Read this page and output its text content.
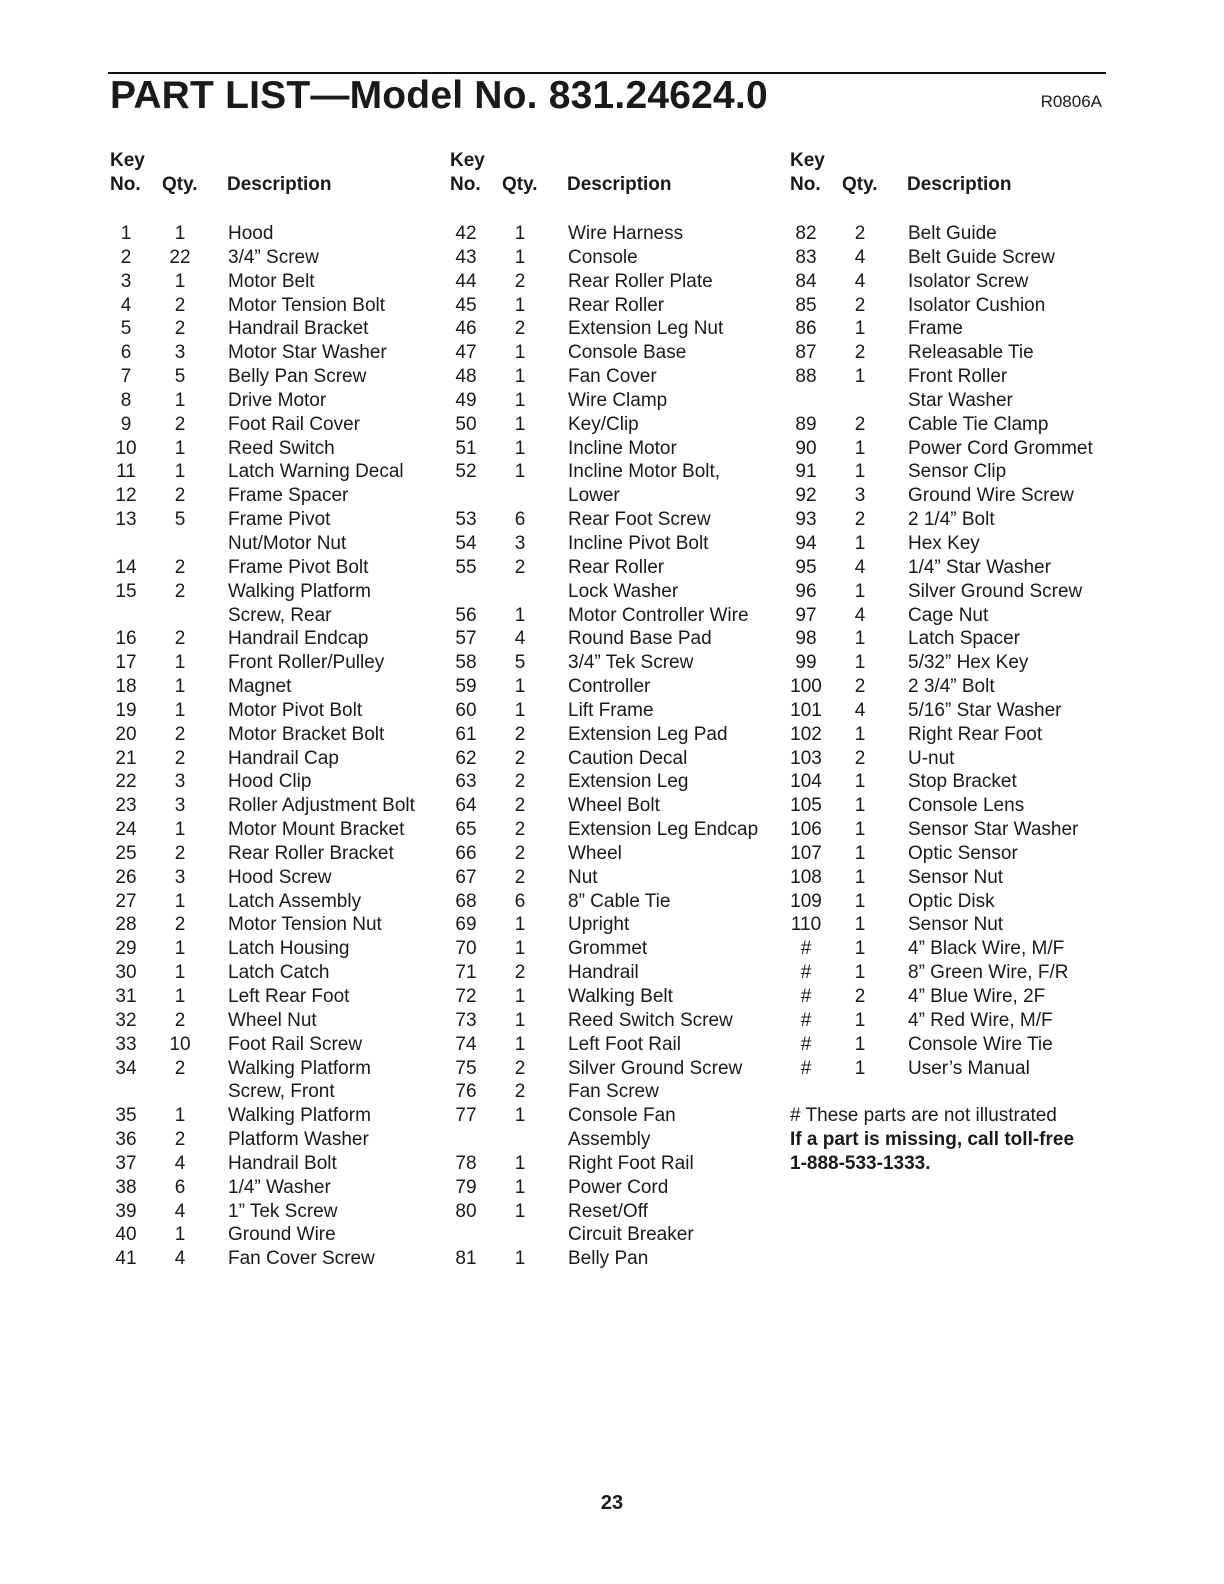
PART LIST—Model No. 831.24624.0	R0806A
Key
No. Qty. Description
1	1	Hood
2	22	3/4” Screw
3	1	Motor Belt
4	2	Motor Tension Bolt
5	2	Handrail Bracket
6	3	Motor Star Washer
7	5	Belly Pan Screw
8	1	Drive Motor
9	2	Foot Rail Cover
10	1	Reed Switch
11	1	Latch Warning Decal
12	2	Frame Spacer
13	5	Frame Pivot
Nut/Motor Nut
14	2	Frame Pivot Bolt
15	2	Walking Platform
Screw, Rear
16	2	Handrail Endcap
17	1	Front Roller/Pulley
18	1	Magnet
19	1	Motor Pivot Bolt
20	2	Motor Bracket Bolt
21	2	Handrail Cap
22	3	Hood Clip
23	3	Roller Adjustment Bolt
24	1	Motor Mount Bracket
25	2	Rear Roller Bracket
26	3	Hood Screw
27	1	Latch Assembly
28	2	Motor Tension Nut
29	1	Latch Housing
30	1	Latch Catch
31	1	Left Rear Foot
32	2	Wheel Nut
33	10	Foot Rail Screw
34	2	Walking Platform
Screw, Front
35	1	Walking Platform
36	2	Platform Washer
37	4	Handrail Bolt
38	6	1/4” Washer
39	4	1” Tek Screw
40	1	Ground Wire
41	4	Fan Cover Screw
Key
No. Qty. Description
42	1	Wire Harness
43	1	Console
44	2	Rear Roller Plate
45	1	Rear Roller
46	2	Extension Leg Nut
47	1	Console Base
48	1	Fan Cover
49	1	Wire Clamp
50	1	Key/Clip
51	1	Incline Motor
52	1	Incline Motor Bolt,
Lower
53	6	Rear Foot Screw
54	3	Incline Pivot Bolt
55	2	Rear Roller
Lock Washer
56	1	Motor Controller Wire
57	4	Round Base Pad
58	5	3/4” Tek Screw
59	1	Controller
60	1	Lift Frame
61	2	Extension Leg Pad
62	2	Caution Decal
63	2	Extension Leg
64	2	Wheel Bolt
65	2	Extension Leg Endcap
66	2	Wheel
67	2	Nut
68	6	8” Cable Tie
69	1	Upright
70	1	Grommet
71	2	Handrail
72	1	Walking Belt
73	1	Reed Switch Screw
74	1	Left Foot Rail
75	2	Silver Ground Screw
76	2	Fan Screw
77	1	Console Fan
Assembly
78	1	Right Foot Rail
79	1	Power Cord
80	1	Reset/Off
Circuit Breaker
81	1	Belly Pan
Key
No. Qty. Description
82	2	Belt Guide
83	4	Belt Guide Screw
84	4	Isolator Screw
85	2	Isolator Cushion
86	1	Frame
87	2	Releasable Tie
88	1	Front Roller
Star Washer
89	2	Cable Tie Clamp
90	1	Power Cord Grommet
91	1	Sensor Clip
92	3	Ground Wire Screw
93	2	2 1/4” Bolt
94	1	Hex Key
95	4	1/4” Star Washer
96	1	Silver Ground Screw
97	4	Cage Nut
98	1	Latch Spacer
99	1	5/32” Hex Key
100	2	2 3/4” Bolt
101	4	5/16” Star Washer
102	1	Right Rear Foot
103	2	U-nut
104	1	Stop Bracket
105	1	Console Lens
106	1	Sensor Star Washer
107	1	Optic Sensor
108	1	Sensor Nut
109	1	Optic Disk
110	1	Sensor Nut
#	1	4” Black Wire, M/F
#	1	8” Green Wire, F/R
#	2	4” Blue Wire, 2F
#	1	4” Red Wire, M/F
#	1	Console Wire Tie
#	1	User’s Manual
# These parts are not illustrated
If a part is missing, call toll-free
1-888-533-1333.
23
